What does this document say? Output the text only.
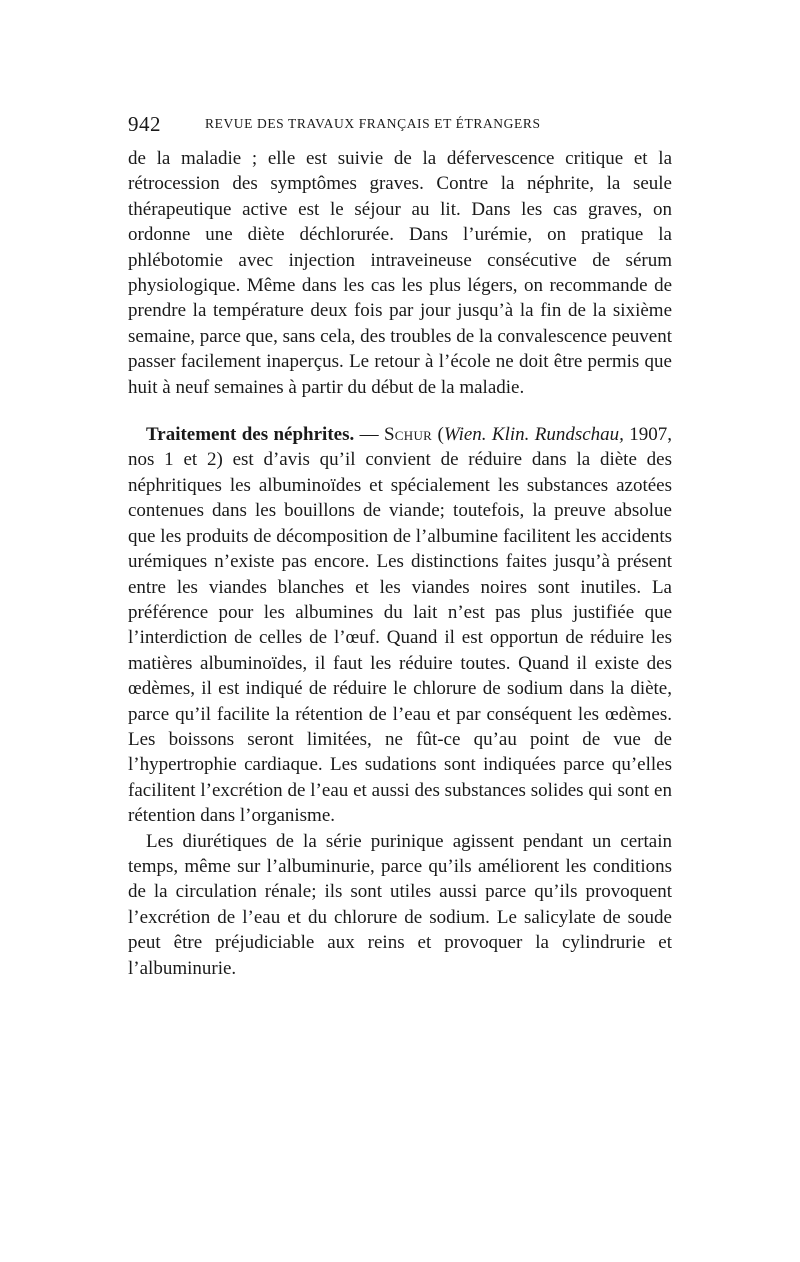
942	REVUE DES TRAVAUX FRANÇAIS ET ÉTRANGERS

de la maladie ; elle est suivie de la défervescence critique et la rétrocession des symptômes graves. Contre la néphrite, la seule thérapeutique active est le séjour au lit. Dans les cas graves, on ordonne une diète déchlorurée. Dans l’urémie, on pratique la phlébotomie avec injection intraveineuse consécutive de sérum physiologique. Même dans les cas les plus légers, on recommande de prendre la température deux fois par jour jusqu’à la fin de la sixième semaine, parce que, sans cela, des troubles de la convalescence peuvent passer facilement inaperçus. Le retour à l’école ne doit être permis que huit à neuf semaines à partir du début de la maladie.

Traitement des néphrites. — Schur (Wien. Klin. Rundschau, 1907, nos 1 et 2) est d’avis qu’il convient de réduire dans la diète des néphritiques les albuminoïdes et spécialement les substances azotées contenues dans les bouillons de viande; toutefois, la preuve absolue que les produits de décomposition de l’albumine facilitent les accidents urémiques n’existe pas encore. Les distinctions faites jusqu’à présent entre les viandes blanches et les viandes noires sont inutiles. La préférence pour les albumines du lait n’est pas plus justifiée que l’interdiction de celles de l’œuf. Quand il est opportun de réduire les matières albuminoïdes, il faut les réduire toutes. Quand il existe des œdèmes, il est indiqué de réduire le chlorure de sodium dans la diète, parce qu’il facilite la rétention de l’eau et par conséquent les œdèmes. Les boissons seront limitées, ne fût-ce qu’au point de vue de l’hypertrophie cardiaque. Les sudations sont indiquées parce qu’elles facilitent l’excrétion de l’eau et aussi des substances solides qui sont en rétention dans l’organisme.

Les diurétiques de la série purinique agissent pendant un certain temps, même sur l’albuminurie, parce qu’ils améliorent les conditions de la circulation rénale; ils sont utiles aussi parce qu’ils provoquent l’excrétion de l’eau et du chlorure de sodium. Le salicylate de soude peut être préjudiciable aux reins et provoquer la cylindrurie et l’albuminurie.
